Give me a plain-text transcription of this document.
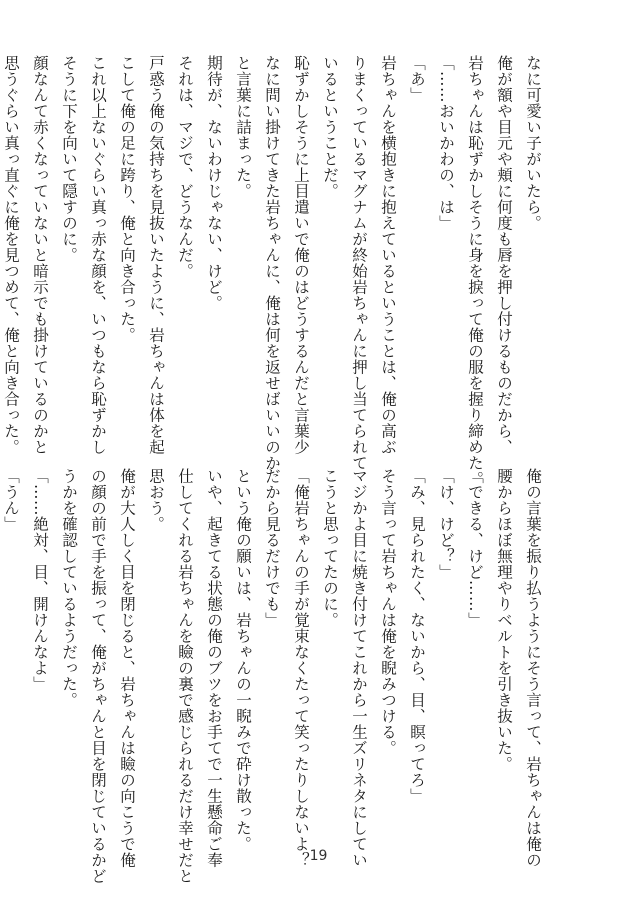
なに可愛い子がいたら。
俺が額や目元や頬に何度も唇を押し付けるものだから、
岩ちゃんは恥ずかしそうに身を捩って俺の服を握り締めた。
「……おいかわの、は」
「あ」
岩ちゃんを横抱きに抱えているということは、俺の高ぶ
りまくっているマグナムが終始岩ちゃんに押し当てられて
いるということだ。
恥ずかしそうに上目遣いで俺のはどうするんだと言葉少
なに問い掛けてきた岩ちゃんに、俺は何を返せばいいのか
と言葉に詰まった。
期待が、ないわけじゃない、けど。
それは、マジで、どうなんだ。
戸惑う俺の気持ちを見抜いたように、岩ちゃんは体を起
こして俺の足に跨り、俺と向き合った。
これ以上ないぐらい真っ赤な顔を、いつもなら恥ずかし
そうに下を向いて隠すのに。
顔なんて赤くなっていないと暗示でも掛けているのかと
思うぐらい真っ直ぐに俺を見つめて、俺と向き合った。
俺の言葉を振り払うようにそう言って、岩ちゃんは俺の
腰からほぼ無理やりベルトを引き抜いた。
「できる、けど……」
「け、けど？」
「み、見られたく、ないから、目、瞑ってろ」
そう言って岩ちゃんは俺を睨みつける。
マジかよ目に焼き付けてこれから一生ズリネタにしてい
こうと思ってたのに。
「俺岩ちゃんの手が覚束なくたって笑ったりしないよ？
だから見るだけでも」
という俺の願いは、岩ちゃんの一睨みで砕け散った。
いや、起きてる状態の俺のブツをお手てで一生懸命ご奉
仕してくれる岩ちゃんを瞼の裏で感じられるだけ幸せだと
思おう。
俺が大人しく目を閉じると、岩ちゃんは瞼の向こうで俺
の顔の前で手を振って、俺がちゃんと目を閉じているかど
うかを確認しているようだった。
「……絶対、目、開けんなよ」
「うん」
19
